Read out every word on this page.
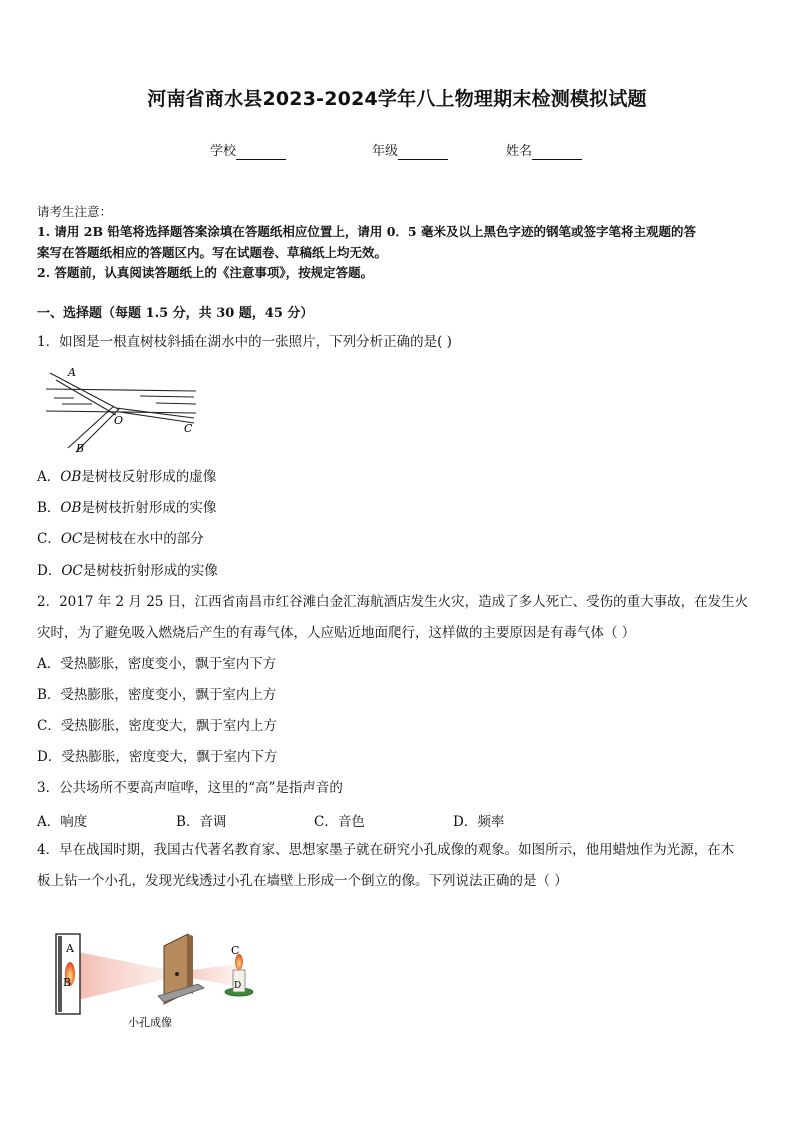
河南省商水县2023-2024学年八上物理期末检测模拟试题
学校	年级	姓名
请考生注意：
1. 请用 2B 铅笔将选择题答案涂填在答题纸相应位置上，请用 0．5 毫米及以上黑色字迹的钢笔或签字笔将主观题的答
案写在答题纸相应的答题区内。写在试题卷、草稿纸上均无效。
2. 答题前，认真阅读答题纸上的《注意事项》，按规定答题。
一、选择题（每题 1.5 分，共 30 题，45 分）
1．如图是一根直树枝斜插在湖水中的一张照片，下列分析正确的是( )
A
O
C
B
A．OB是树枝反射形成的虚像
B．OB是树枝折射形成的实像
C．OC是树枝在水中的部分
D．OC是树枝折射形成的实像
2．2017 年 2 月 25 日，江西省南昌市红谷滩白金汇海航酒店发生火灾，造成了多人死亡、受伤的重大事故，在发生火
灾时，为了避免吸入燃烧后产生的有毒气体，人应贴近地面爬行，这样做的主要原因是有毒气体（ ）
A．受热膨胀，密度变小，飘于室内下方
B．受热膨胀，密度变小，飘于室内上方
C．受热膨胀，密度变大，飘于室内上方
D．受热膨胀，密度变大，飘于室内下方
3．公共场所不要高声喧哗，这里的“高”是指声音的
A．响度	B．音调	C．音色	D．频率
4．早在战国时期，我国古代著名教育家、思想家墨子就在研究小孔成像的观象。如图所示，他用蜡烛作为光源，在木
板上钻一个小孔，发现光线透过小孔在墙壁上形成一个倒立的像。下列说法正确的是（ ）
A
B
C
D
小孔成像
